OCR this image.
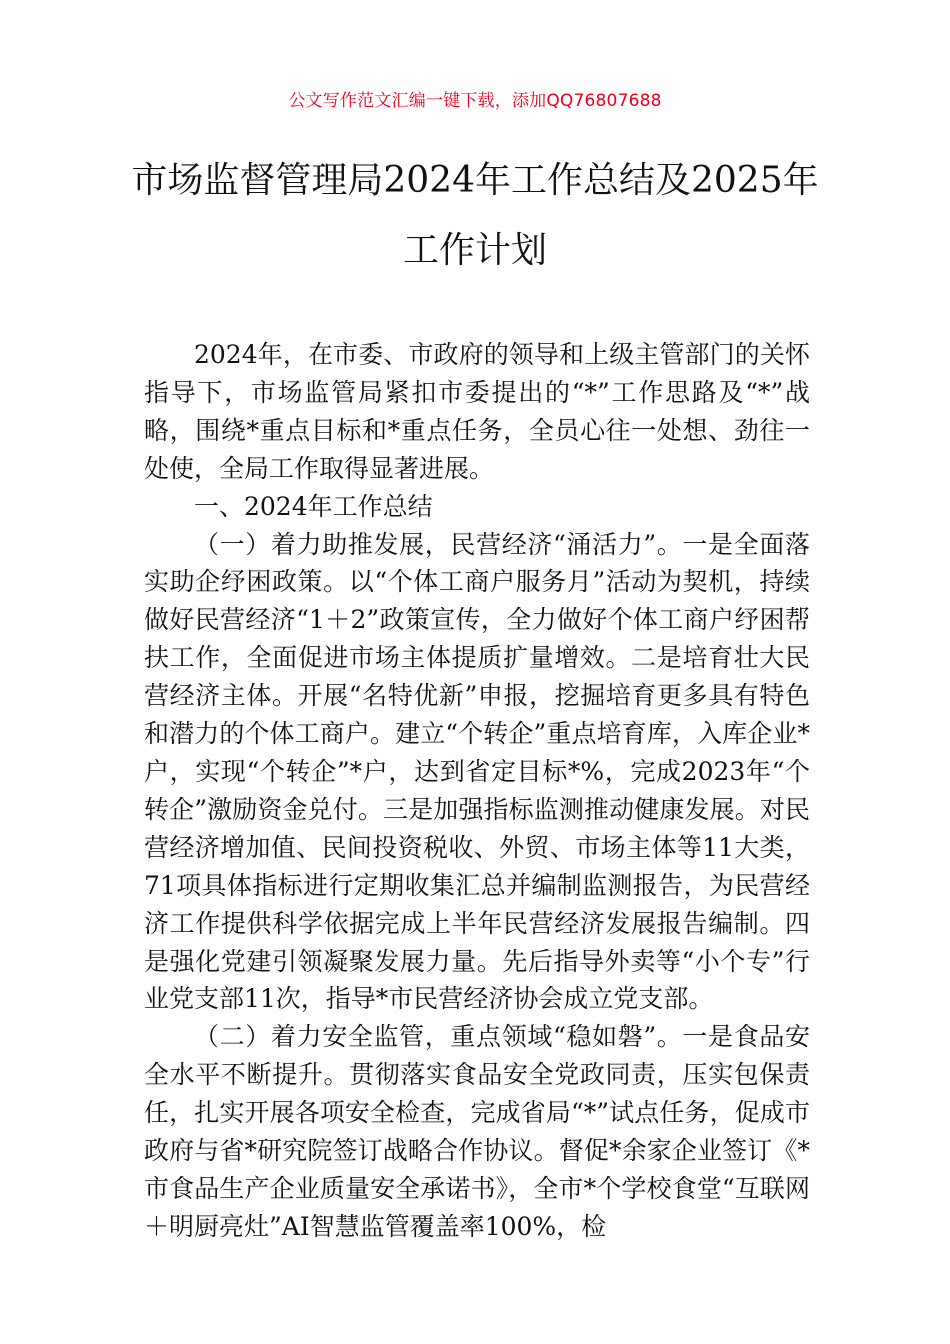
公文写作范文汇编一键下载，添加QQ76807688
市场监督管理局2024年工作总结及2025年
工作计划

2024年，在市委、市政府的领导和上级主管部门的关怀指导下，市场监管局紧扣市委提出的“*”工作思路及“*”战略，围绕*重点目标和*重点任务，全员心往一处想、劲往一处使，全局工作取得显著进展。

一、2024年工作总结

（一）着力助推发展，民营经济“涌活力”。一是全面落实助企纾困政策。以“个体工商户服务月”活动为契机，持续做好民营经济“1＋2”政策宣传，全力做好个体工商户纾困帮扶工作，全面促进市场主体提质扩量增效。二是培育壮大民营经济主体。开展“名特优新”申报，挖掘培育更多具有特色和潜力的个体工商户。建立“个转企”重点培育库，入库企业*户，实现“个转企”*户，达到省定目标*%，完成2023年“个转企”激励资金兑付。三是加强指标监测推动健康发展。对民营经济增加值、民间投资税收、外贸、市场主体等11大类，71项具体指标进行定期收集汇总并编制监测报告，为民营经济工作提供科学依据完成上半年民营经济发展报告编制。四是强化党建引领凝聚发展力量。先后指导外卖等“小个专”行业党支部11次，指导*市民营经济协会成立党支部。

（二）着力安全监管，重点领域“稳如磐”。一是食品安全水平不断提升。贯彻落实食品安全党政同责，压实包保责任，扎实开展各项安全检查，完成省局“*”试点任务，促成市政府与省*研究院签订战略合作协议。督促*余家企业签订《*市食品生产企业质量安全承诺书》，全市*个学校食堂“互联网＋明厨亮灶”AI智慧监管覆盖率100%，检
